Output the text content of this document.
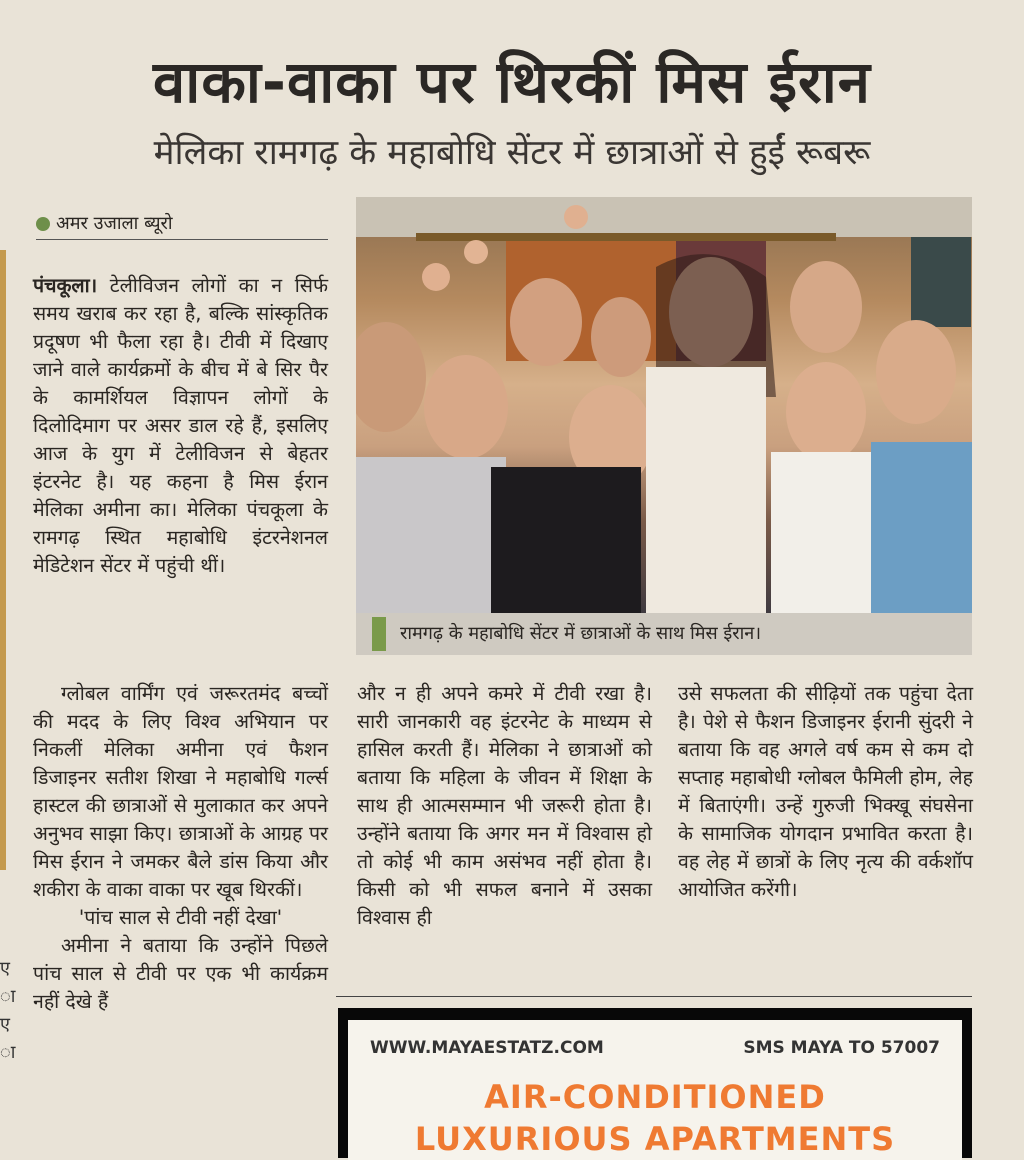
ए
ा
ए
ा
वाका-वाका पर थिरकीं मिस ईरान
मेलिका रामगढ़ के महाबोधि सेंटर में छात्राओं से हुईं रूबरू
अमर उजाला ब्यूरो

पंचकूला। टेलीविजन लोगों का न सिर्फ समय खराब कर रहा है, बल्कि सांस्कृतिक प्रदूषण भी फैला रहा है। टीवी में दिखाए जाने वाले कार्यक्रमों के बीच में बे सिर पैर के कामर्शियल विज्ञापन लोगों के दिलोदिमाग पर असर डाल रहे हैं, इसलिए आज के युग में टेलीविजन से बेहतर इंटरनेट है। यह कहना है मिस ईरान मेलिका अमीना का। मेलिका पंचकूला के रामगढ़ स्थित महाबोधि इंटरनेशनल मेडिटेशन सेंटर में पहुंची थीं।

ग्लोबल वार्मिंग एवं जरूरतमंद बच्चों की मदद के लिए विश्व अभियान पर निकलीं मेलिका अमीना एवं फैशन डिजाइनर सतीश शिखा ने महाबोधि गर्ल्स हास्टल की छात्राओं से मुलाकात कर अपने अनुभव साझा किए। छात्राओं के आग्रह पर मिस ईरान ने जमकर बैले डांस किया और शकीरा के वाका वाका पर खूब थिरकीं।

'पांच साल से टीवी नहीं देखा'

अमीना ने बताया कि उन्होंने पिछले पांच साल से टीवी पर एक भी कार्यक्रम नहीं देखे हैं

रामगढ़ के महाबोधि सेंटर में छात्राओं के साथ मिस ईरान।

और न ही अपने कमरे में टीवी रखा है। सारी जानकारी वह इंटरनेट के माध्यम से हासिल करती हैं। मेलिका ने छात्राओं को बताया कि महिला के जीवन में शिक्षा के साथ ही आत्मसम्मान भी जरूरी होता है। उन्होंने बताया कि अगर मन में विश्वास हो तो कोई भी काम असंभव नहीं होता है। किसी को भी सफल बनाने में उसका विश्वास ही

उसे सफलता की सीढ़ियों तक पहुंचा देता है। पेशे से फैशन डिजाइनर ईरानी सुंदरी ने बताया कि वह अगले वर्ष कम से कम दो सप्ताह महाबोधी ग्लोबल फैमिली होम, लेह में बिताएंगी। उन्हें गुरुजी भिक्खू संघसेना के सामाजिक योगदान प्रभावित करता है। वह लेह में छात्रों के लिए नृत्य की वर्कशॉप आयोजित करेंगी।

WWW.MAYAESTATZ.COM	SMS MAYA TO 57007
AIR-CONDITIONED
LUXURIOUS APARTMENTS
